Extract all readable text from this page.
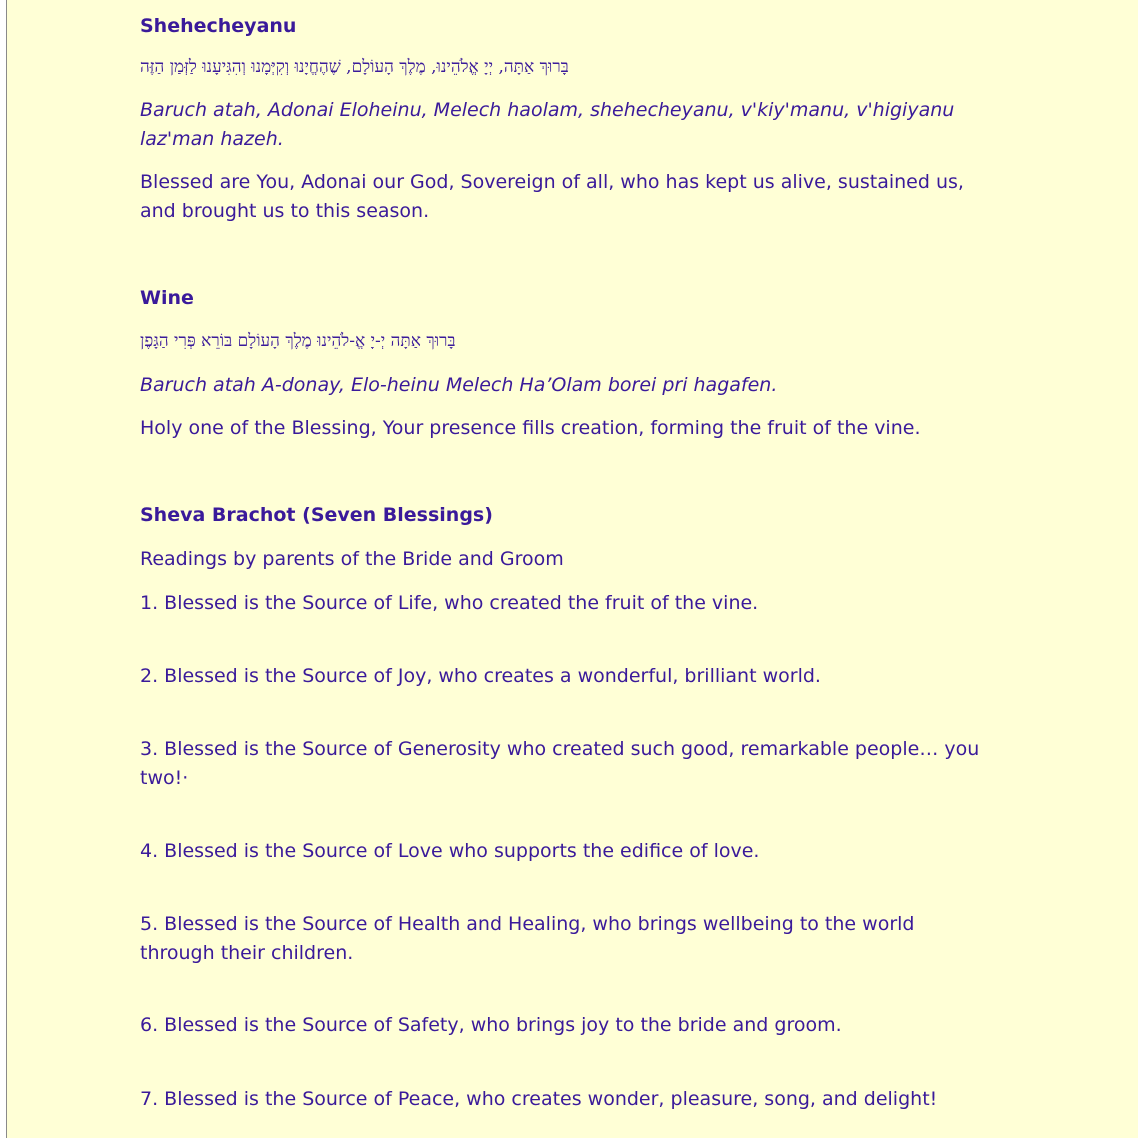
Shehecheyanu

בָּרוּךְ אַתָּה, יְיָ אֱלֹהֵינוּ, מֶלֶךְ הָעוֹלָם, שֶׁהֶחֱיָנוּ וְקִיְּמָנוּ וְהִגִּיעָנוּ לַזְּמַן הַזֶּה

Baruch atah, Adonai Eloheinu, Melech haolam, shehecheyanu, v'kiy'manu, v'higiyanu laz'man hazeh.

Blessed are You, Adonai our God, Sovereign of all, who has kept us alive, sustained us, and brought us to this season.

Wine

בָּרוּךְ אַתָּה יְ-יָ אֱ-לֹהֵינוּ מֶלֶךְ הָעוֹלָם בּוֹרֵא פְּרִי הַגָּפֶן

Baruch atah A-donay, Elo-heinu Melech Ha’Olam borei pri hagafen.

Holy one of the Blessing, Your presence fills creation, forming the fruit of the vine.

Sheva Brachot (Seven Blessings)

Readings by parents of the Bride and Groom

1. Blessed is the Source of Life, who created the fruit of the vine.

2. Blessed is the Source of Joy, who creates a wonderful, brilliant world.

3. Blessed is the Source of Generosity who created such good, remarkable people… you two!·

4. Blessed is the Source of Love who supports the edifice of love.

5. Blessed is the Source of Health and Healing, who brings wellbeing to the world through their children.

6. Blessed is the Source of Safety, who brings joy to the bride and groom.

7. Blessed is the Source of Peace, who creates wonder, pleasure, song, and delight!
